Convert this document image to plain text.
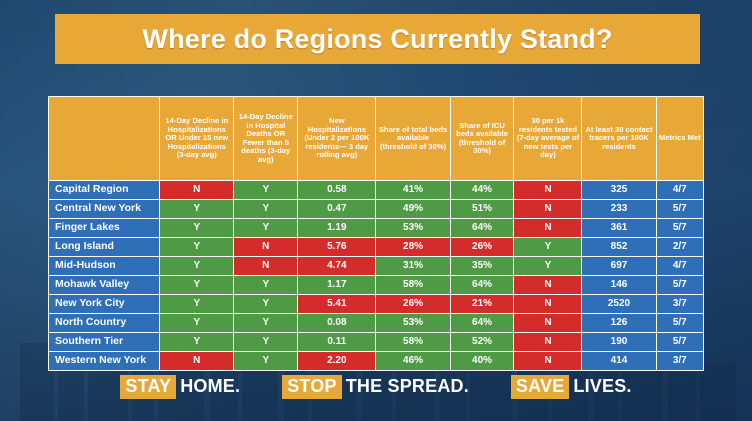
Where do Regions Currently Stand?
	14-Day Decline in Hospitalizations OR Under 15 new Hospitalizations (3-day avg)	14-Day Decline in Hospital Deaths OR Fewer than 5 deaths (3-day avg)	New Hospitalizations (Under 2 per 100K residents— 3 day rolling avg)	Share of total beds available (threshold of 30%)	Share of ICU beds available (threshold of 30%)	30 per 1k residents tested (7-day average of new tests per day)	At least 30 contact tracers per 100K residents	Metrics Met
Capital Region	N	Y	0.58	41%	44%	N	325	4/7
Central New York	Y	Y	0.47	49%	51%	N	233	5/7
Finger Lakes	Y	Y	1.19	53%	64%	N	361	5/7
Long Island	Y	N	5.76	28%	26%	Y	852	2/7
Mid-Hudson	Y	N	4.74	31%	35%	Y	697	4/7
Mohawk Valley	Y	Y	1.17	58%	64%	N	146	5/7
New York City	Y	Y	5.41	26%	21%	N	2520	3/7
North Country	Y	Y	0.08	53%	64%	N	126	5/7
Southern Tier	Y	Y	0.11	58%	52%	N	190	5/7
Western New York	N	Y	2.20	46%	40%	N	414	3/7
STAY HOME.	STOP THE SPREAD.	SAVE LIVES.
